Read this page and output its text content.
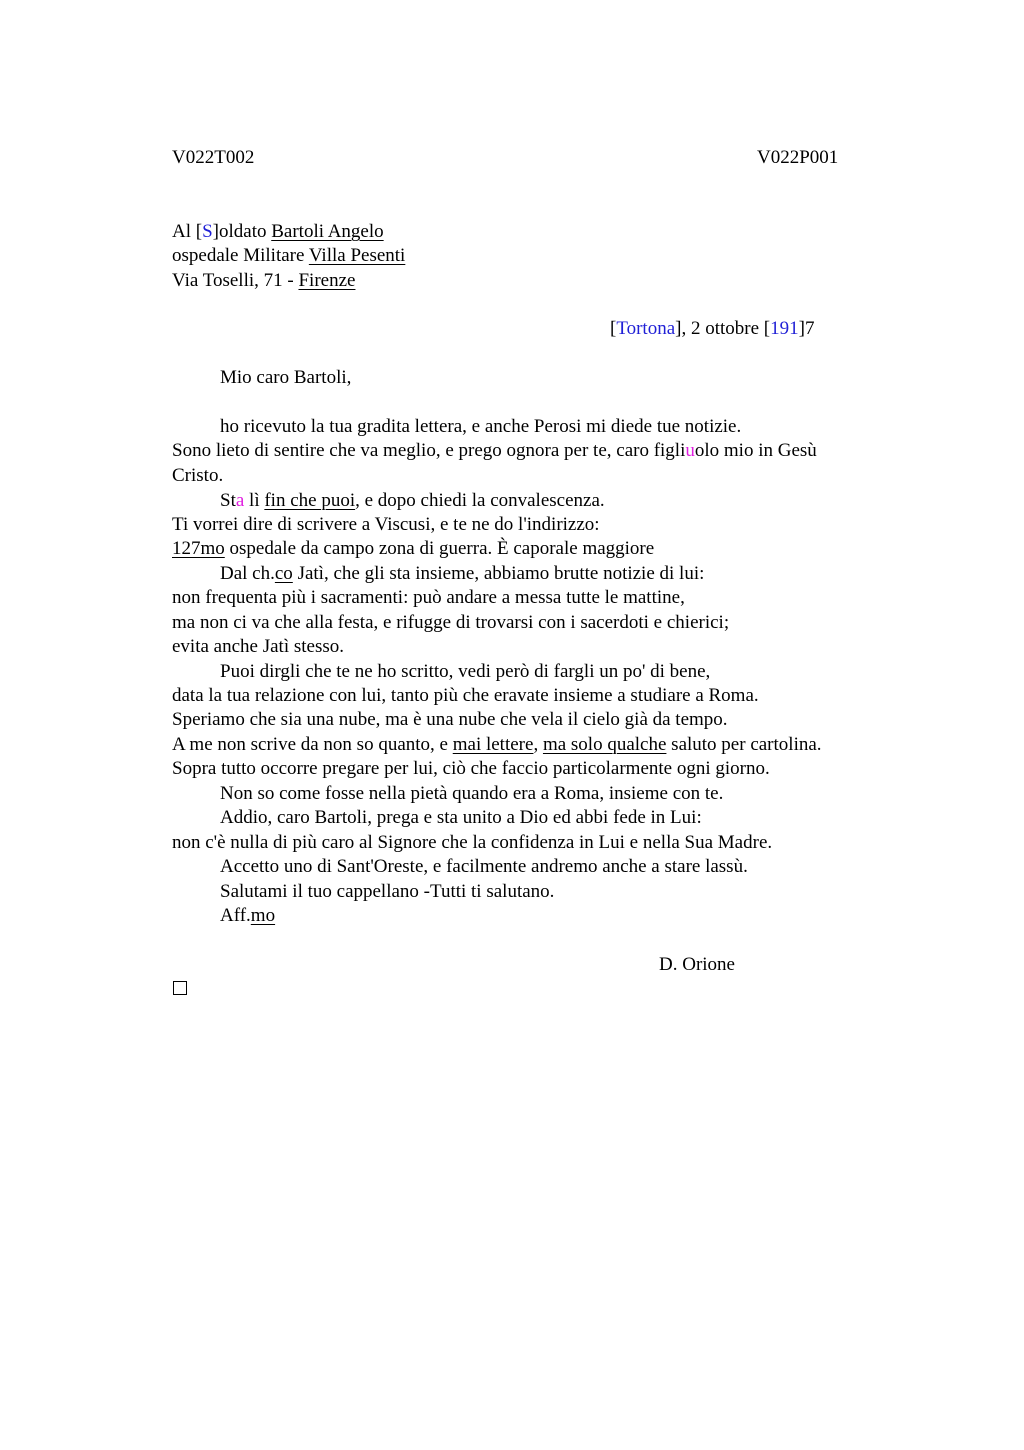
V022T002	V022P001
Al [S]oldato Bartoli Angelo
ospedale Militare Villa Pesenti
Via Toselli, 71 - Firenze
[Tortona], 2 ottobre [191]7
Mio caro Bartoli,
ho ricevuto la tua gradita lettera, e anche Perosi mi diede tue notizie.
Sono lieto di sentire che va meglio, e prego ognora per te, caro figliuolo mio in Gesù
Cristo.
Sta lì fin che puoi, e dopo chiedi la convalescenza.
Ti vorrei dire di scrivere a Viscusi, e te ne do l'indirizzo:
127mo ospedale da campo zona di guerra. È caporale maggiore
Dal ch.co Jatì, che gli sta insieme, abbiamo brutte notizie di lui:
non frequenta più i sacramenti: può andare a messa tutte le mattine,
ma non ci va che alla festa, e rifugge di trovarsi con i sacerdoti e chierici;
evita anche Jatì stesso.
Puoi dirgli che te ne ho scritto, vedi però di fargli un po' di bene,
data la tua relazione con lui, tanto più che eravate insieme a studiare a Roma.
Speriamo che sia una nube, ma è una nube che vela il cielo già da tempo.
A me non scrive da non so quanto, e mai lettere, ma solo qualche saluto per cartolina.
Sopra tutto occorre pregare per lui, ciò che faccio particolarmente ogni giorno.
Non so come fosse nella pietà quando era a Roma, insieme con te.
Addio, caro Bartoli, prega e sta unito a Dio ed abbi fede in Lui:
non c'è nulla di più caro al Signore che la confidenza in Lui e nella Sua Madre.
Accetto uno di Sant'Oreste, e facilmente andremo anche a stare lassù.
Salutami il tuo cappellano -Tutti ti salutano.
Aff.mo
D. Orione
